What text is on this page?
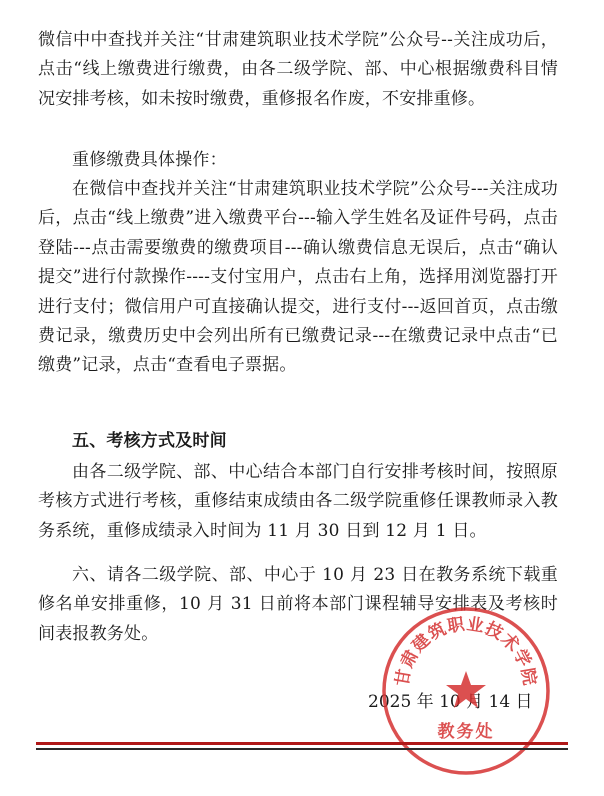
微信中中查找并关注“甘肃建筑职业技术学院”公众号--关注成功后，点击“线上缴费进行缴费，由各二级学院、部、中心根据缴费科目情况安排考核，如未按时缴费，重修报名作废，不安排重修。

重修缴费具体操作：

在微信中查找并关注“甘肃建筑职业技术学院”公众号---关注成功后，点击“线上缴费”进入缴费平台---输入学生姓名及证件号码，点击登陆---点击需要缴费的缴费项目---确认缴费信息无误后，点击“确认提交”进行付款操作----支付宝用户，点击右上角，选择用浏览器打开进行支付；微信用户可直接确认提交，进行支付---返回首页，点击缴费记录，缴费历史中会列出所有已缴费记录---在缴费记录中点击“已缴费”记录，点击“查看电子票据。

五、考核方式及时间

由各二级学院、部、中心结合本部门自行安排考核时间，按照原考核方式进行考核，重修结束成绩由各二级学院重修任课教师录入教务系统，重修成绩录入时间为 11 月 30 日到 12 月 1 日。

六、请各二级学院、部、中心于 10 月 23 日在教务系统下载重修名单安排重修，10 月 31 日前将本部门课程辅导安排表及考核时间表报教务处。

2025 年 10 月 14 日
甘肃建筑职业技术学院
教务处
